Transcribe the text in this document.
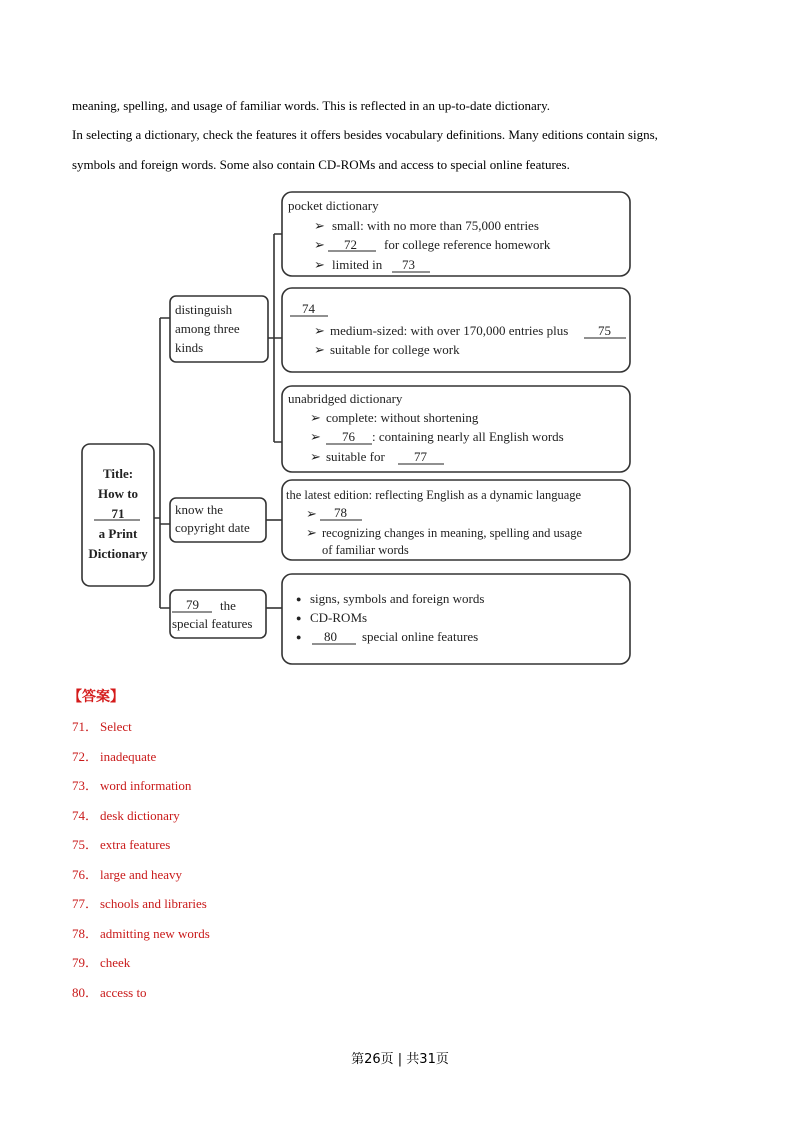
meaning, spelling, and usage of familiar words. This is reflected in an up-to-date dictionary.

In selecting a dictionary, check the features it offers besides vocabulary definitions. Many editions contain signs,
symbols and foreign words. Some also contain CD-ROMs and access to special online features.

Title:
How to
71
a Print
Dictionary
distinguish
among three
kinds
know the
copyright date
79 the
special features
pocket dictionary
➢ small: with no more than 75,000 entries
➢ 72 for college reference homework
➢ limited in 73
74
➢ medium-sized: with over 170,000 entries plus 75
➢ suitable for college work
unabridged dictionary
➢ complete: without shortening
➢ 76 : containing nearly all English words
➢ suitable for 77
the latest edition: reflecting English as a dynamic language
➢ 78
➢ recognizing changes in meaning, spelling and usage
of familiar words
● signs, symbols and foreign words
● CD-ROMs
● 80 special online features

【答案】

71． Select
72． inadequate
73． word information
74． desk dictionary
75． extra features
76． large and heavy
77． schools and libraries
78． admitting new words
79． cheek
80． access to
第26页 | 共31页
